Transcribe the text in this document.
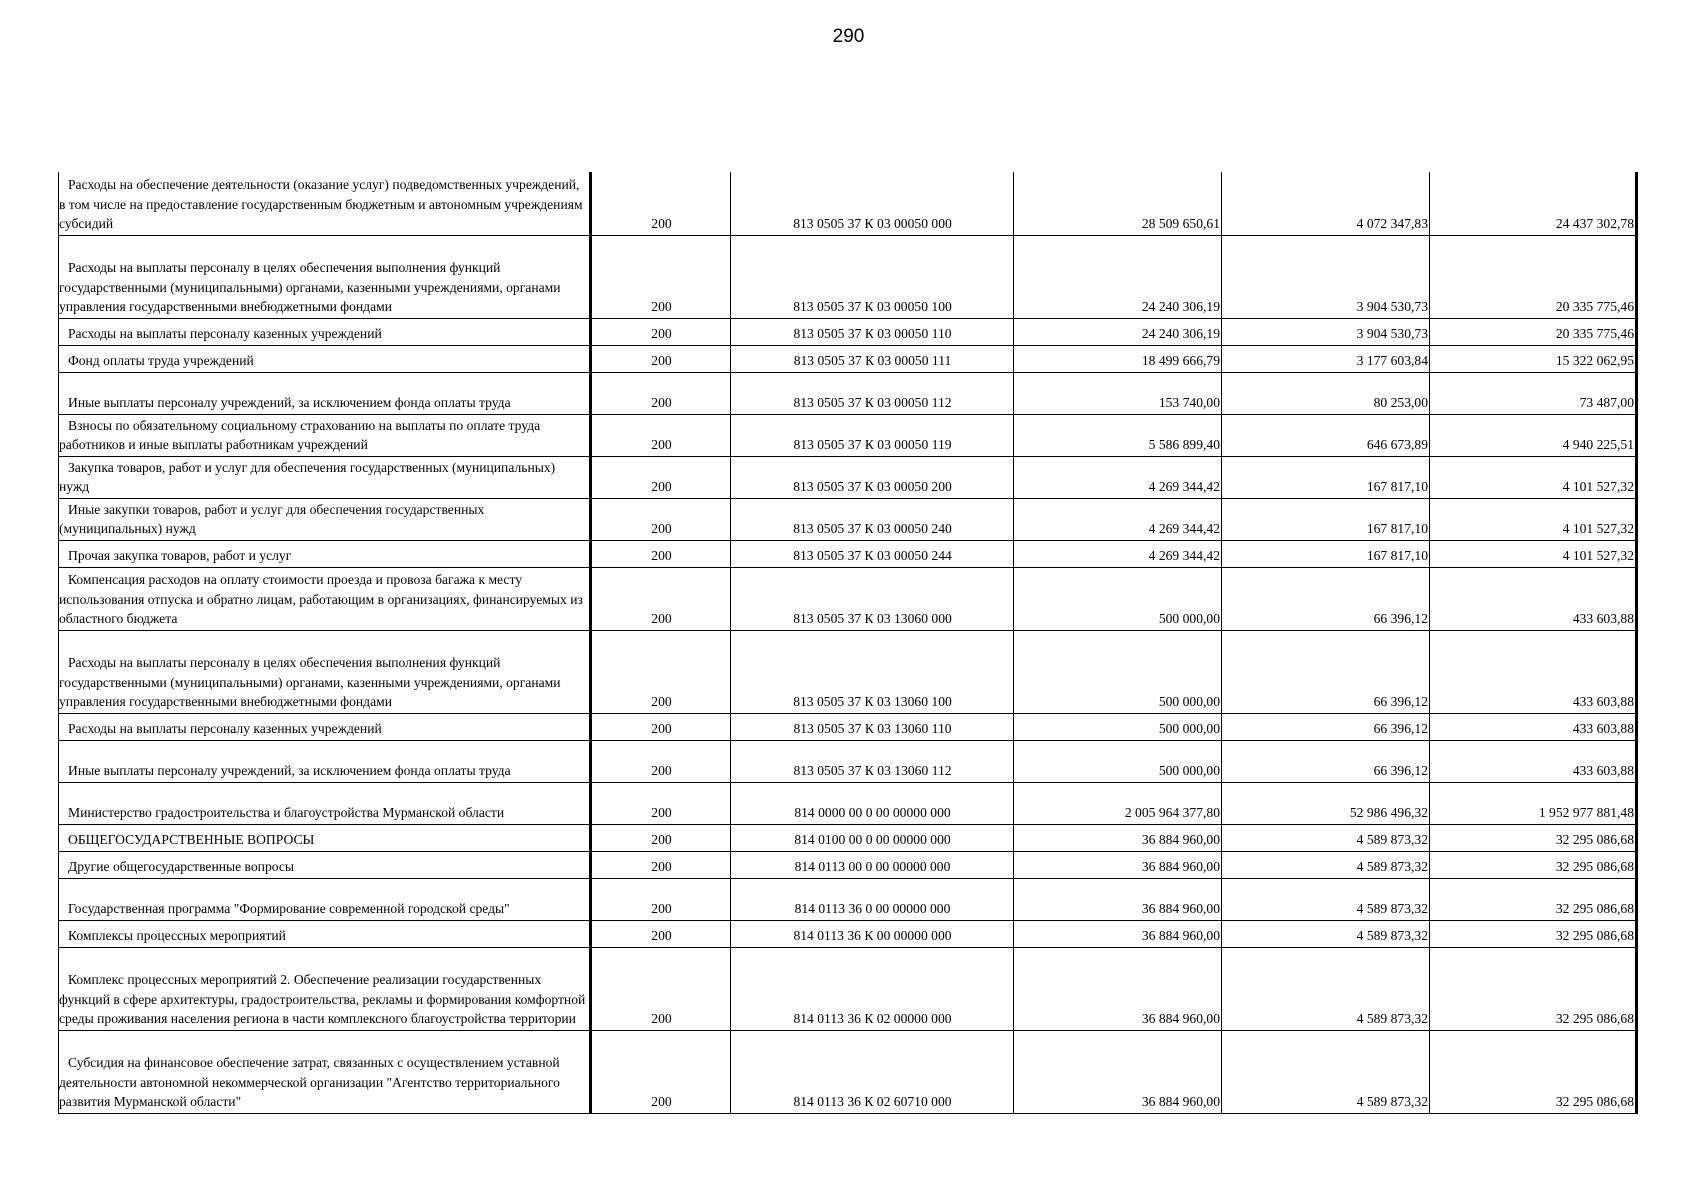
290
Расходы на обеспечение деятельности (оказание услуг) подведомственных учреждений, в том числе на предоставление государственным бюджетным и автономным учреждениям субсидий	200	813 0505 37 К 03 00050 000	28 509 650,61	4 072 347,83	24 437 302,78

Расходы на выплаты персоналу в целях обеспечения выполнения функций государственными (муниципальными) органами, казенными учреждениями, органами управления государственными внебюджетными фондами	200	813 0505 37 К 03 00050 100	24 240 306,19	3 904 530,73	20 335 775,46

Расходы на выплаты персоналу казенных учреждений	200	813 0505 37 К 03 00050 110	24 240 306,19	3 904 530,73	20 335 775,46

Фонд оплаты труда учреждений	200	813 0505 37 К 03 00050 111	18 499 666,79	3 177 603,84	15 322 062,95

Иные выплаты персоналу учреждений, за исключением фонда оплаты труда	200	813 0505 37 К 03 00050 112	153 740,00	80 253,00	73 487,00

Взносы по обязательному социальному страхованию на выплаты по оплате труда работников и иные выплаты работникам учреждений	200	813 0505 37 К 03 00050 119	5 586 899,40	646 673,89	4 940 225,51

Закупка товаров, работ и услуг для обеспечения государственных (муниципальных) нужд	200	813 0505 37 К 03 00050 200	4 269 344,42	167 817,10	4 101 527,32

Иные закупки товаров, работ и услуг для обеспечения государственных (муниципальных) нужд	200	813 0505 37 К 03 00050 240	4 269 344,42	167 817,10	4 101 527,32

Прочая закупка товаров, работ и услуг	200	813 0505 37 К 03 00050 244	4 269 344,42	167 817,10	4 101 527,32

Компенсация расходов на оплату стоимости проезда и провоза багажа к месту использования отпуска и обратно лицам, работающим в организациях, финансируемых из областного бюджета	200	813 0505 37 К 03 13060 000	500 000,00	66 396,12	433 603,88

Расходы на выплаты персоналу в целях обеспечения выполнения функций государственными (муниципальными) органами, казенными учреждениями, органами управления государственными внебюджетными фондами	200	813 0505 37 К 03 13060 100	500 000,00	66 396,12	433 603,88

Расходы на выплаты персоналу казенных учреждений	200	813 0505 37 К 03 13060 110	500 000,00	66 396,12	433 603,88

Иные выплаты персоналу учреждений, за исключением фонда оплаты труда	200	813 0505 37 К 03 13060 112	500 000,00	66 396,12	433 603,88

Министерство градостроительства и благоустройства Мурманской области	200	814 0000 00 0 00 00000 000	2 005 964 377,80	52 986 496,32	1 952 977 881,48

ОБЩЕГОСУДАРСТВЕННЫЕ ВОПРОСЫ	200	814 0100 00 0 00 00000 000	36 884 960,00	4 589 873,32	32 295 086,68

Другие общегосударственные вопросы	200	814 0113 00 0 00 00000 000	36 884 960,00	4 589 873,32	32 295 086,68

Государственная программа "Формирование современной городской среды"	200	814 0113 36 0 00 00000 000	36 884 960,00	4 589 873,32	32 295 086,68

Комплексы процессных мероприятий	200	814 0113 36 К 00 00000 000	36 884 960,00	4 589 873,32	32 295 086,68

Комплекс процессных мероприятий 2. Обеспечение реализации государственных функций в сфере архитектуры, градостроительства, рекламы и формирования комфортной среды проживания населения региона в части комплексного благоустройства территории	200	814 0113 36 К 02 00000 000	36 884 960,00	4 589 873,32	32 295 086,68

Субсидия на финансовое обеспечение затрат, связанных с осуществлением уставной деятельности автономной некоммерческой организации "Агентство территориального развития Мурманской области"	200	814 0113 36 К 02 60710 000	36 884 960,00	4 589 873,32	32 295 086,68
